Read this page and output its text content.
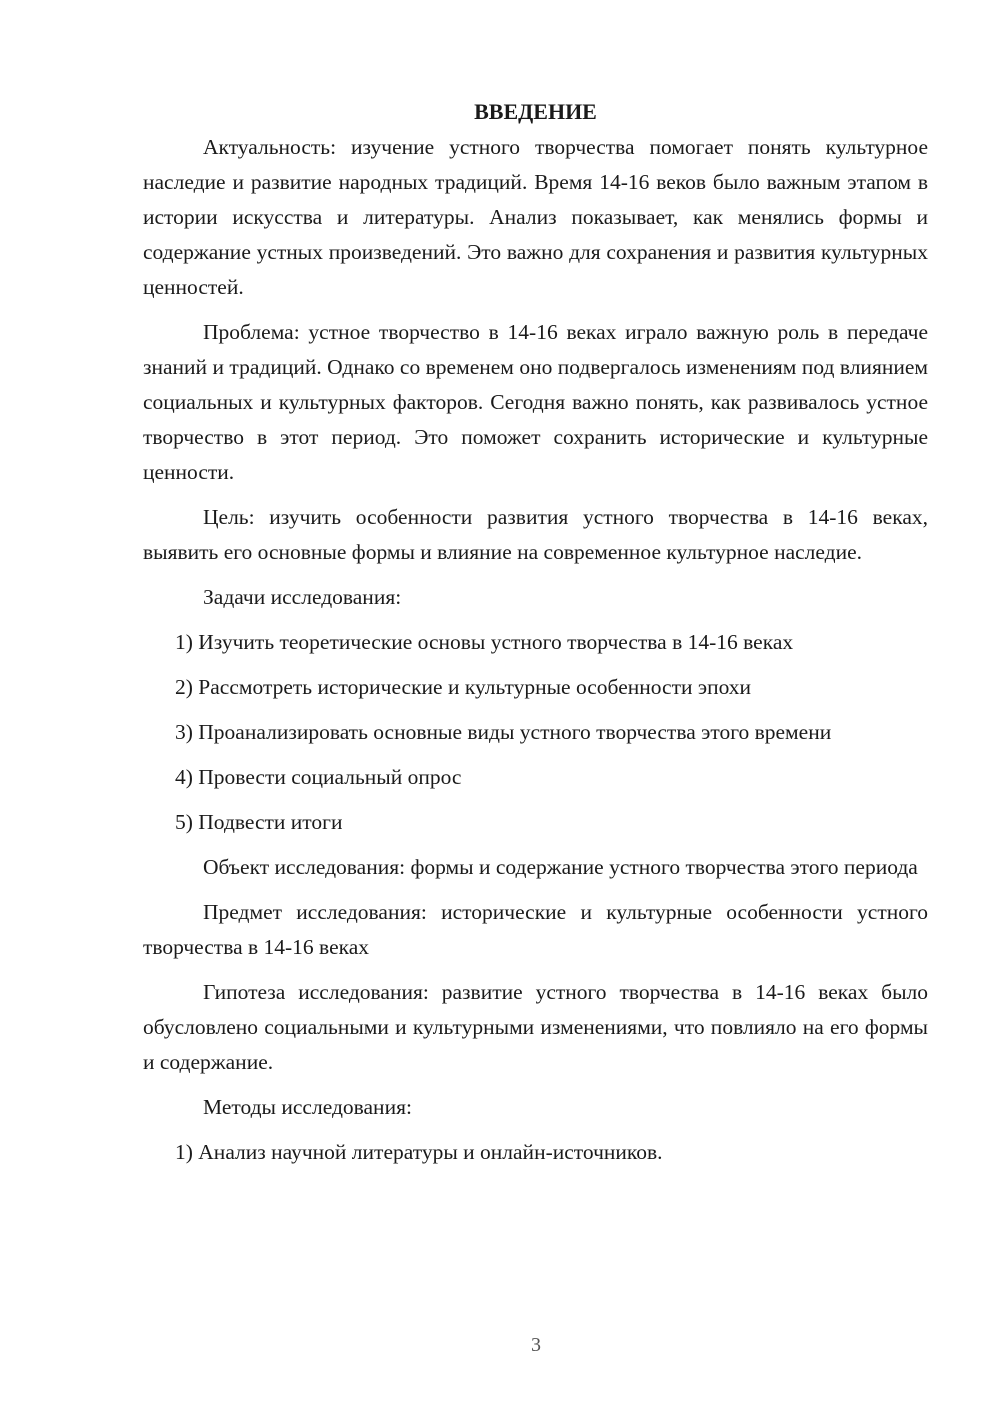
ВВЕДЕНИЕ

Актуальность: изучение устного творчества помогает понять культурное наследие и развитие народных традиций. Время 14-16 веков было важным этапом в истории искусства и литературы. Анализ показывает, как менялись формы и содержание устных произведений. Это важно для сохранения и развития культурных ценностей.

Проблема: устное творчество в 14-16 веках играло важную роль в передаче знаний и традиций. Однако со временем оно подвергалось изменениям под влиянием социальных и культурных факторов. Сегодня важно понять, как развивалось устное творчество в этот период. Это поможет сохранить исторические и культурные ценности.

Цель: изучить особенности развития устного творчества в 14-16 веках, выявить его основные формы и влияние на современное культурное наследие.

Задачи исследования:

1) Изучить теоретические основы устного творчества в 14-16 веках

2) Рассмотреть исторические и культурные особенности эпохи

3) Проанализировать основные виды устного творчества этого времени

4) Провести социальный опрос

5) Подвести итоги

Объект исследования: формы и содержание устного творчества этого периода

Предмет исследования: исторические и культурные особенности устного творчества в 14-16 веках

Гипотеза исследования: развитие устного творчества в 14-16 веках было обусловлено социальными и культурными изменениями, что повлияло на его формы и содержание.

Методы исследования:

1) Анализ научной литературы и онлайн-источников.

3
